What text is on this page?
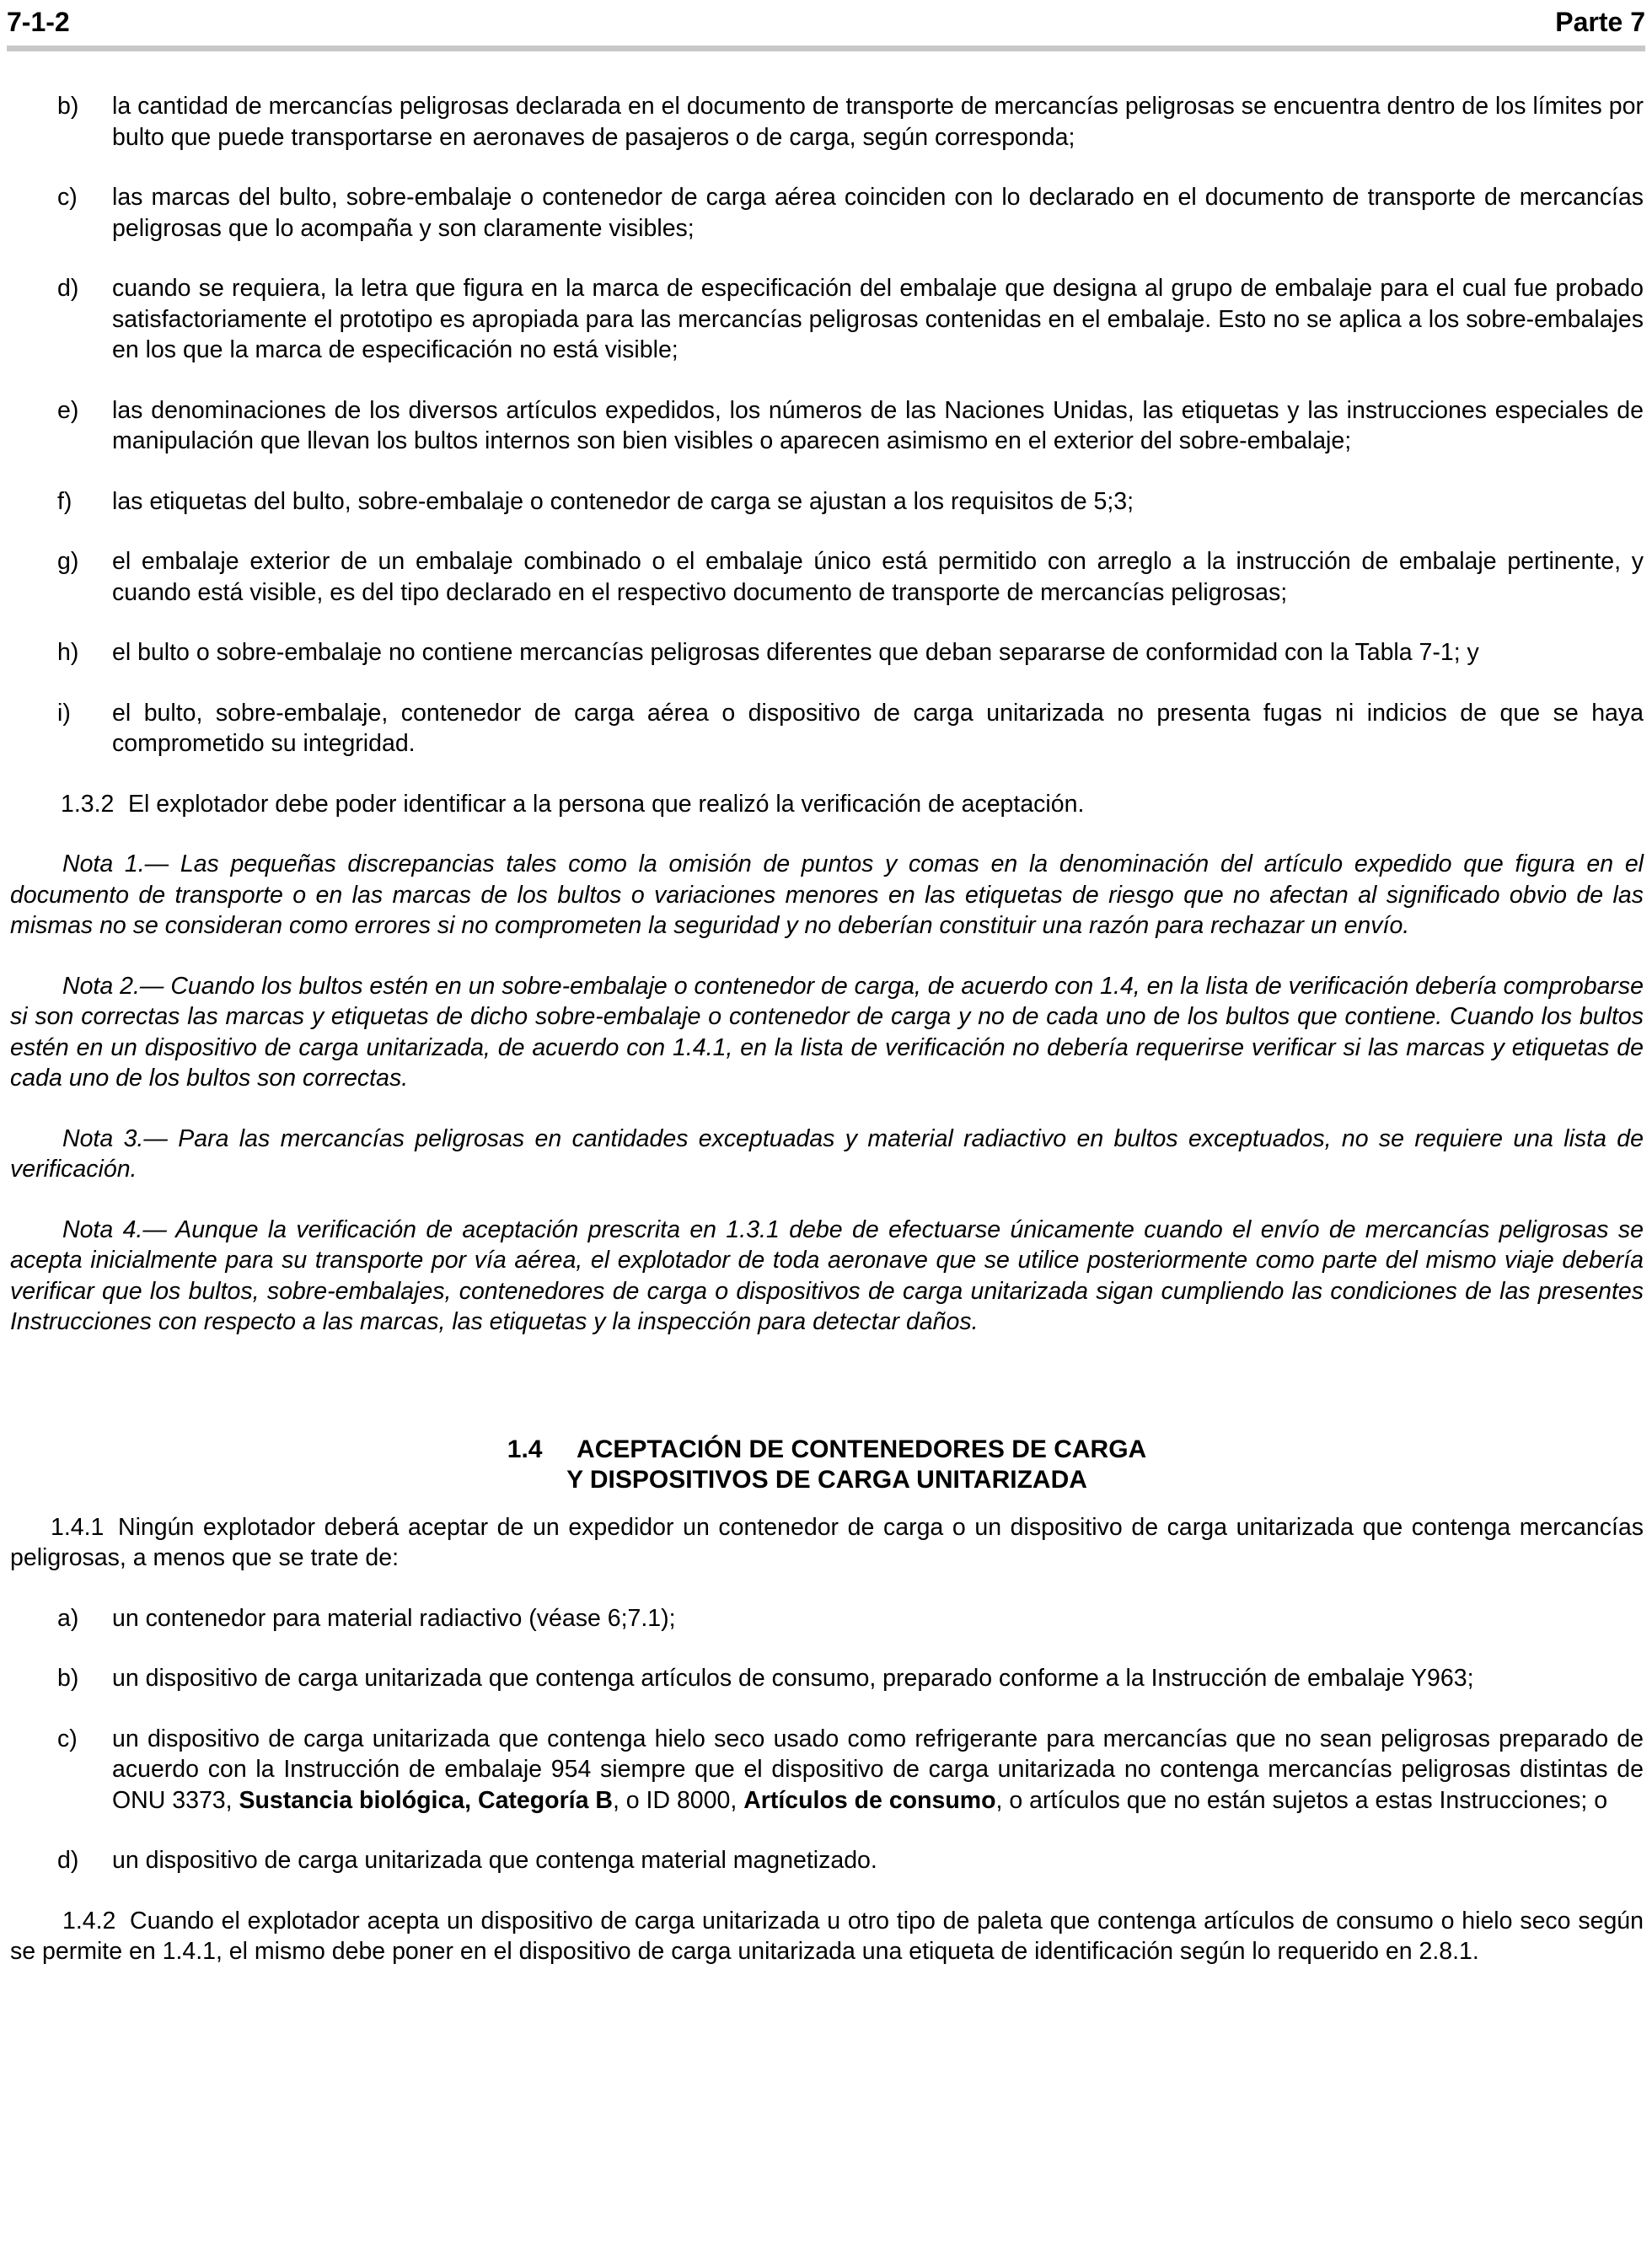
7-1-2	Parte 7
b)	la cantidad de mercancías peligrosas declarada en el documento de transporte de mercancías peligrosas se encuentra dentro de los límites por bulto que puede transportarse en aeronaves de pasajeros o de carga, según corresponda;
c)	las marcas del bulto, sobre-embalaje o contenedor de carga aérea coinciden con lo declarado en el documento de transporte de mercancías peligrosas que lo acompaña y son claramente visibles;
d)	cuando se requiera, la letra que figura en la marca de especificación del embalaje que designa al grupo de embalaje para el cual fue probado satisfactoriamente el prototipo es apropiada para las mercancías peligrosas contenidas en el embalaje. Esto no se aplica a los sobre-embalajes en los que la marca de especificación no está visible;
e)	las denominaciones de los diversos artículos expedidos, los números de las Naciones Unidas, las etiquetas y las instrucciones especiales de manipulación que llevan los bultos internos son bien visibles o aparecen asimismo en el exterior del sobre-embalaje;
f)	las etiquetas del bulto, sobre-embalaje o contenedor de carga se ajustan a los requisitos de 5;3;
g)	el embalaje exterior de un embalaje combinado o el embalaje único está permitido con arreglo a la instrucción de embalaje pertinente, y cuando está visible, es del tipo declarado en el respectivo documento de transporte de mercancías peligrosas;
h)	el bulto o sobre-embalaje no contiene mercancías peligrosas diferentes que deban separarse de conformidad con la Tabla 7-1; y
i)	el bulto, sobre-embalaje, contenedor de carga aérea o dispositivo de carga unitarizada no presenta fugas ni indicios de que se haya comprometido su integridad.
1.3.2 El explotador debe poder identificar a la persona que realizó la verificación de aceptación.
Nota 1.— Las pequeñas discrepancias tales como la omisión de puntos y comas en la denominación del artículo expedido que figura en el documento de transporte o en las marcas de los bultos o variaciones menores en las etiquetas de riesgo que no afectan al significado obvio de las mismas no se consideran como errores si no comprometen la seguridad y no deberían constituir una razón para rechazar un envío.
Nota 2.— Cuando los bultos estén en un sobre-embalaje o contenedor de carga, de acuerdo con 1.4, en la lista de verificación debería comprobarse si son correctas las marcas y etiquetas de dicho sobre-embalaje o contenedor de carga y no de cada uno de los bultos que contiene. Cuando los bultos estén en un dispositivo de carga unitarizada, de acuerdo con 1.4.1, en la lista de verificación no debería requerirse verificar si las marcas y etiquetas de cada uno de los bultos son correctas.
Nota 3.— Para las mercancías peligrosas en cantidades exceptuadas y material radiactivo en bultos exceptuados, no se requiere una lista de verificación.
Nota 4.— Aunque la verificación de aceptación prescrita en 1.3.1 debe de efectuarse únicamente cuando el envío de mercancías peligrosas se acepta inicialmente para su transporte por vía aérea, el explotador de toda aeronave que se utilice posteriormente como parte del mismo viaje debería verificar que los bultos, sobre-embalajes, contenedores de carga o dispositivos de carga unitarizada sigan cumpliendo las condiciones de las presentes Instrucciones con respecto a las marcas, las etiquetas y la inspección para detectar daños.
1.4     ACEPTACIÓN DE CONTENEDORES DE CARGA
Y DISPOSITIVOS DE CARGA UNITARIZADA
1.4.1 Ningún explotador deberá aceptar de un expedidor un contenedor de carga o un dispositivo de carga unitarizada que contenga mercancías peligrosas, a menos que se trate de:
a)	un contenedor para material radiactivo (véase 6;7.1);
b)	un dispositivo de carga unitarizada que contenga artículos de consumo, preparado conforme a la Instrucción de embalaje Y963;
c)	un dispositivo de carga unitarizada que contenga hielo seco usado como refrigerante para mercancías que no sean peligrosas preparado de acuerdo con la Instrucción de embalaje 954 siempre que el dispositivo de carga unitarizada no contenga mercancías peligrosas distintas de ONU 3373, Sustancia biológica, Categoría B, o ID 8000, Artículos de consumo, o artículos que no están sujetos a estas Instrucciones; o
d)	un dispositivo de carga unitarizada que contenga material magnetizado.
1.4.2 Cuando el explotador acepta un dispositivo de carga unitarizada u otro tipo de paleta que contenga artículos de consumo o hielo seco según se permite en 1.4.1, el mismo debe poner en el dispositivo de carga unitarizada una etiqueta de identificación según lo requerido en 2.8.1.
